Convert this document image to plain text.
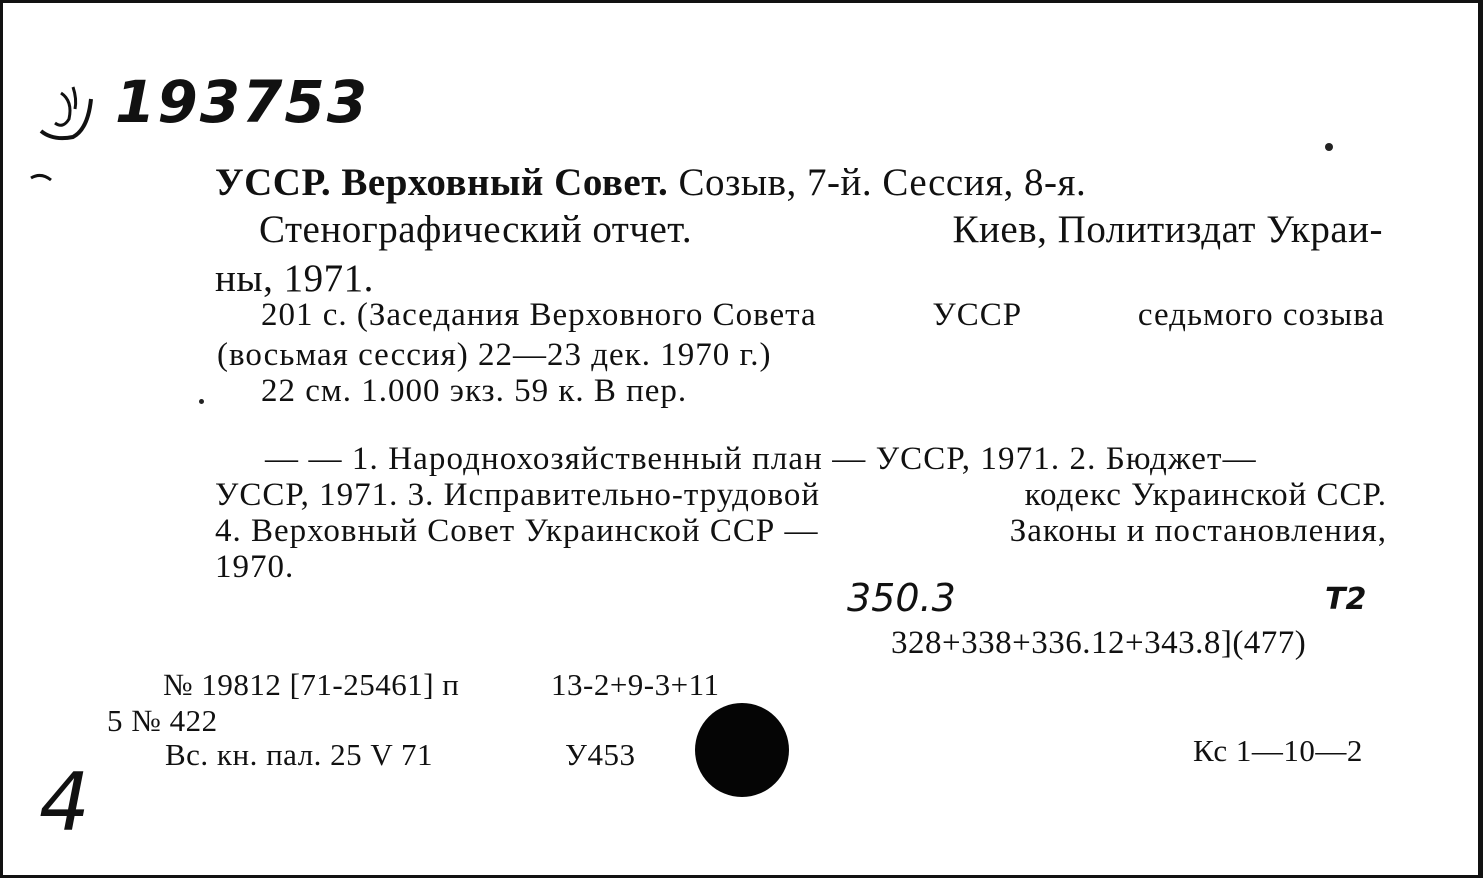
193753
УССР. Верховный Совет. Созыв, 7-й. Сессия, 8-я.
Стенографический отчет.	Киев, Политиздат Украи-
ны, 1971.
201 с. (Заседания Верховного Совета	УССР	седьмого созыва
(восьмая сессия) 22—23 дек. 1970 г.)
22 см. 1.000 экз. 59 к. В пер.
— — 1. Народнохозяйственный план — УССР, 1971. 2. Бюджет—
УССР, 1971. 3. Исправительно-трудовой	кодекс Украинской ССР.
4. Верховный Совет Украинской ССР —	Законы и постановления,
1970.
350.3	T2
328+338+336.12+343.8](477)
№ 19812 [71-25461] п	13-2+9-3+11
5 № 422
Вс. кн. пал. 25 V 71	У453	Кс 1—10—2
4
